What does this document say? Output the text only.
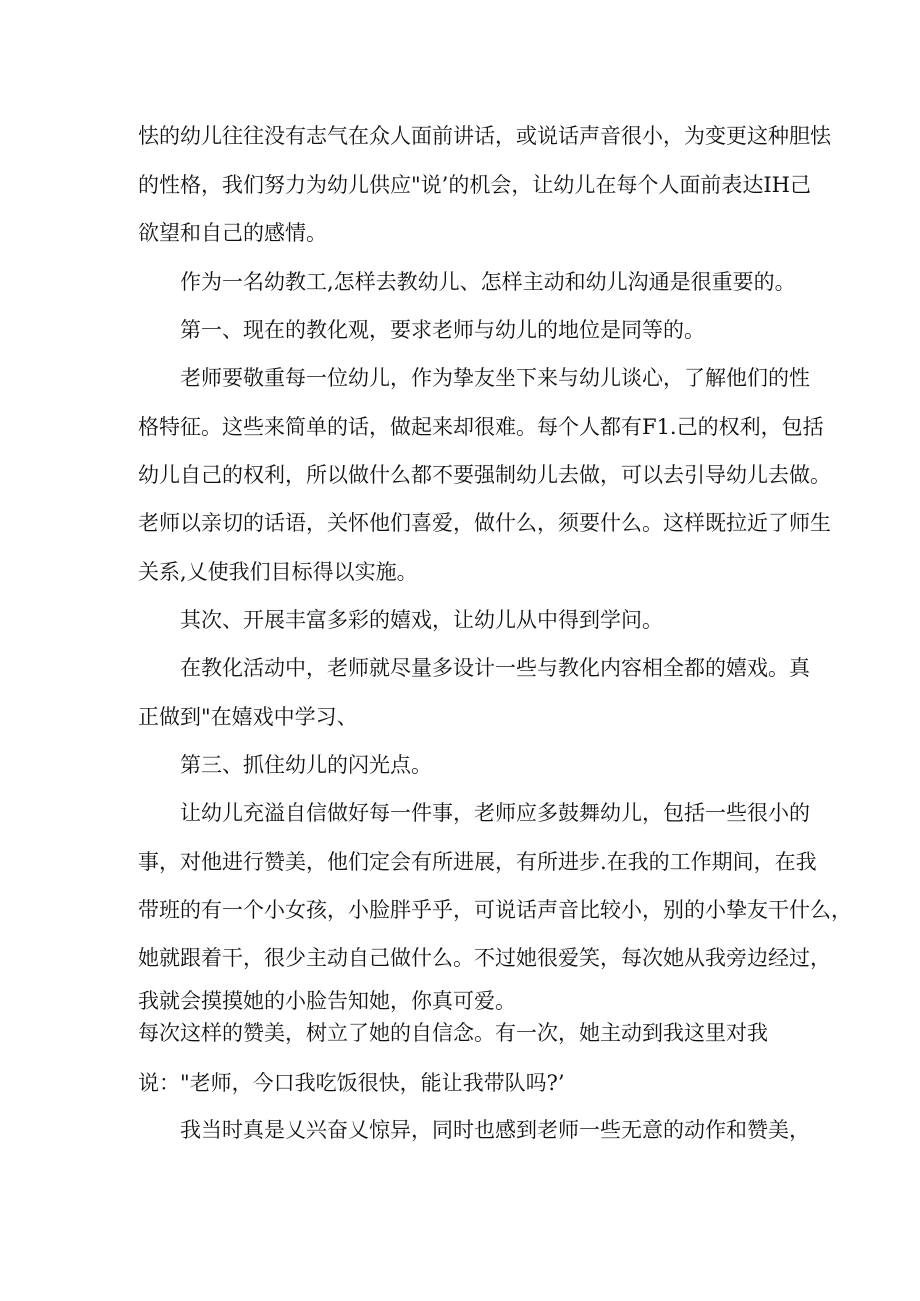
怯的幼儿往往没有志气在众人面前讲话，或说话声音很小，为变更这种胆怯

的性格，我们努力为幼儿供应"说’的机会，让幼儿在每个人面前表达IH己

欲望和自己的感情。

作为一名幼教工,怎样去教幼儿、怎样主动和幼儿沟通是很重要的。

第一、现在的教化观，要求老师与幼儿的地位是同等的。

老师要敬重每一位幼儿，作为挚友坐下来与幼儿谈心，了解他们的性

格特征。这些来简单的话，做起来却很难。每个人都有F1.己的权利，包括

幼儿自己的权利，所以做什么都不要强制幼儿去做，可以去引导幼儿去做。

老师以亲切的话语，关怀他们喜爱，做什么，须要什么。这样既拉近了师生

关系,乂使我们目标得以实施。

其次、开展丰富多彩的嬉戏，让幼儿从中得到学问。

在教化活动中，老师就尽量多设计一些与教化内容相全都的嬉戏。真

正做到"在嬉戏中学习、

第三、抓住幼儿的闪光点。

让幼儿充溢自信做好每一件事，老师应多鼓舞幼儿，包括一些很小的

事，对他进行赞美，他们定会有所进展，有所进步.在我的工作期间，在我

带班的有一个小女孩，小脸胖乎乎，可说话声音比较小，别的小挚友干什么，

她就跟着干，很少主动自己做什么。不过她很爱笑，每次她从我旁边经过，

我就会摸摸她的小脸告知她，你真可爱。

每次这样的赞美，树立了她的自信念。有一次，她主动到我这里对我

说："老师，今口我吃饭很快，能让我带队吗?’

我当时真是乂兴奋乂惊异，同时也感到老师一些无意的动作和赞美，
